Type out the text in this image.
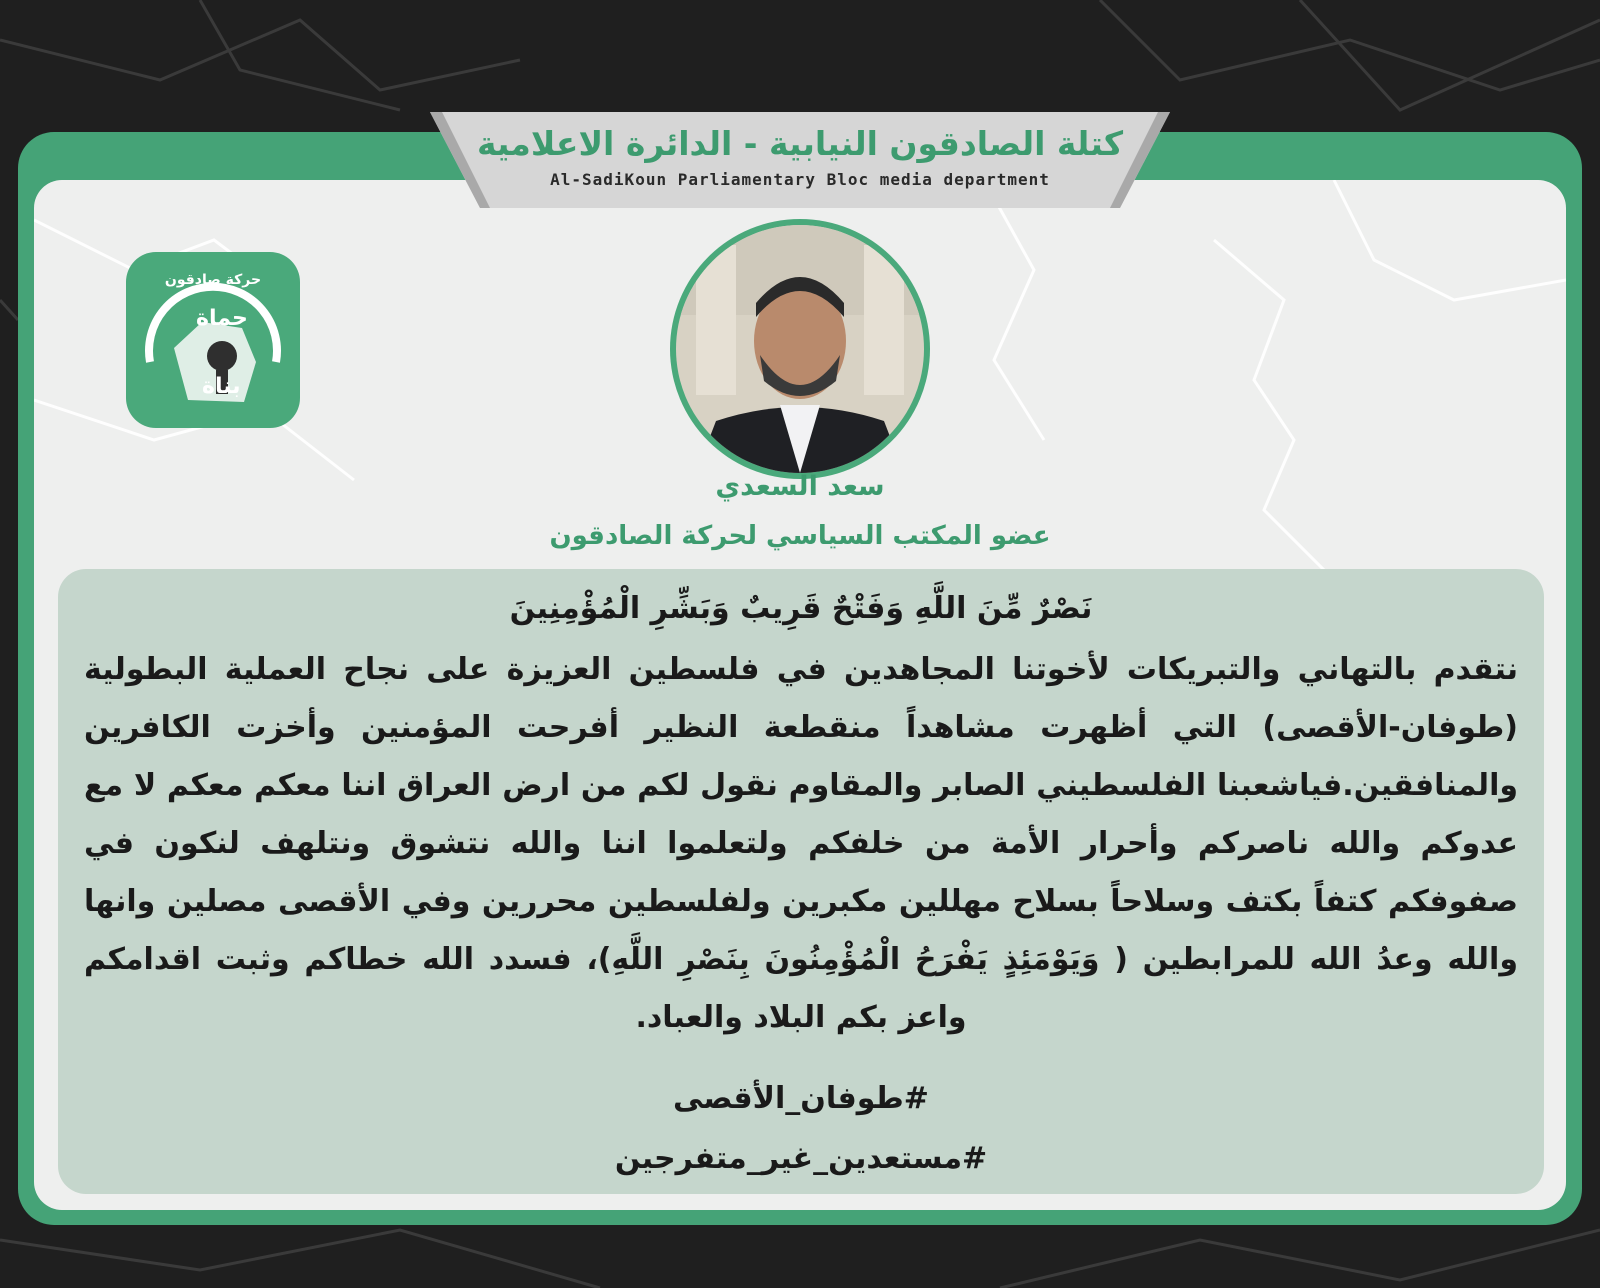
كتلة الصادقون النيابية - الدائرة الاعلامية
Al-SadiKoun Parliamentary Bloc media department
حركة صادقون
حماة
بناة
سعد السعدي
عضو المكتب السياسي لحركة الصادقون
نَصْرٌ مِّنَ اللَّهِ وَفَتْحٌ قَرِيبٌ وَبَشِّرِ الْمُؤْمِنِينَ
نتقدم بالتهاني والتبريكات لأخوتنا المجاهدين في فلسطين العزيزة على نجاح العملية البطولية (طوفان-الأقصى) التي أظهرت مشاهداً منقطعة النظير أفرحت المؤمنين وأخزت الكافرين والمنافقين.فياشعبنا الفلسطيني الصابر والمقاوم نقول لكم من ارض العراق اننا معكم معكم لا مع عدوكم والله ناصركم وأحرار الأمة من خلفكم ولتعلموا اننا والله نتشوق ونتلهف لنكون في صفوفكم كتفاً بكتف وسلاحاً بسلاح مهللين مكبرين ولفلسطين محررين وفي الأقصى مصلين وانها والله وعدُ الله للمرابطين ( وَيَوْمَئِذٍ يَفْرَحُ الْمُؤْمِنُونَ بِنَصْرِ اللَّهِ)، فسدد الله خطاكم وثبت اقدامكم واعز بكم البلاد والعباد.
#طوفان_الأقصى
#مستعدين_غير_متفرجين
